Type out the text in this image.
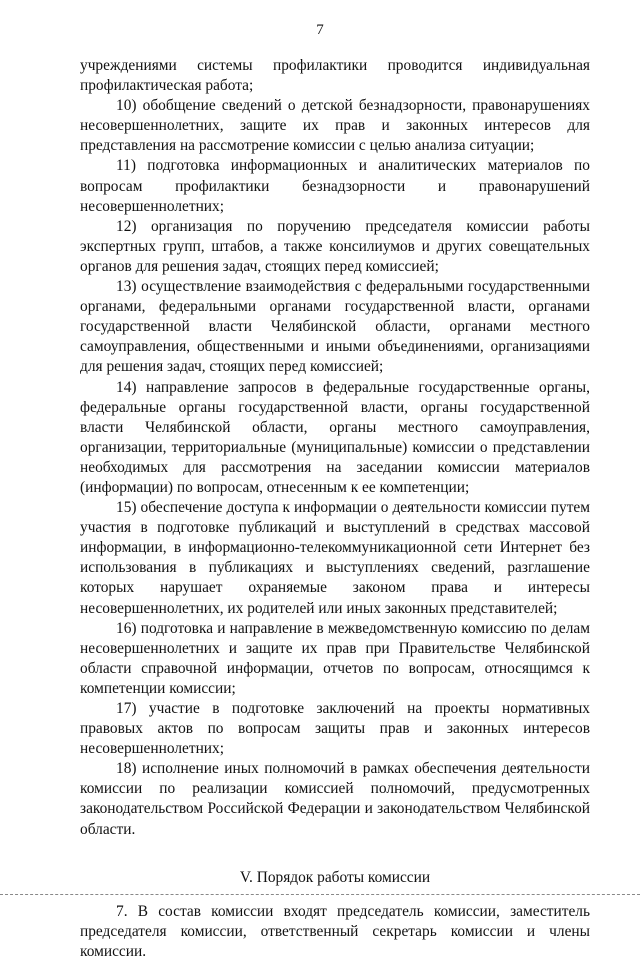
7

учреждениями системы профилактики проводится индивидуальная профилактическая работа;

10) обобщение сведений о детской безнадзорности, правонарушениях несовершеннолетних, защите их прав и законных интересов для представления на рассмотрение комиссии с целью анализа ситуации;

11) подготовка информационных и аналитических материалов по вопросам профилактики безнадзорности и правонарушений несовершеннолетних;

12) организация по поручению председателя комиссии работы экспертных групп, штабов, а также консилиумов и других совещательных органов для решения задач, стоящих перед комиссией;

13) осуществление взаимодействия с федеральными государственными органами, федеральными органами государственной власти, органами государственной власти Челябинской области, органами местного самоуправления, общественными и иными объединениями, организациями для решения задач, стоящих перед комиссией;

14) направление запросов в федеральные государственные органы, федеральные органы государственной власти, органы государственной власти Челябинской области, органы местного самоуправления, организации, территориальные (муниципальные) комиссии о представлении необходимых для рассмотрения на заседании комиссии материалов (информации) по вопросам, отнесенным к ее компетенции;

15) обеспечение доступа к информации о деятельности комиссии путем участия в подготовке публикаций и выступлений в средствах массовой информации, в информационно-телекоммуникационной сети Интернет без использования в публикациях и выступлениях сведений, разглашение которых нарушает охраняемые законом права и интересы несовершеннолетних, их родителей или иных законных представителей;

16) подготовка и направление в межведомственную комиссию по делам несовершеннолетних и защите их прав при Правительстве Челябинской области справочной информации, отчетов по вопросам, относящимся к компетенции комиссии;

17) участие в подготовке заключений на проекты нормативных правовых актов по вопросам защиты прав и законных интересов несовершеннолетних;

18) исполнение иных полномочий в рамках обеспечения деятельности комиссии по реализации комиссией полномочий, предусмотренных законодательством Российской Федерации и законодательством Челябинской области.

V. Порядок работы комиссии

7. В состав комиссии входят председатель комиссии, заместитель председателя комиссии, ответственный секретарь комиссии и члены комиссии.
